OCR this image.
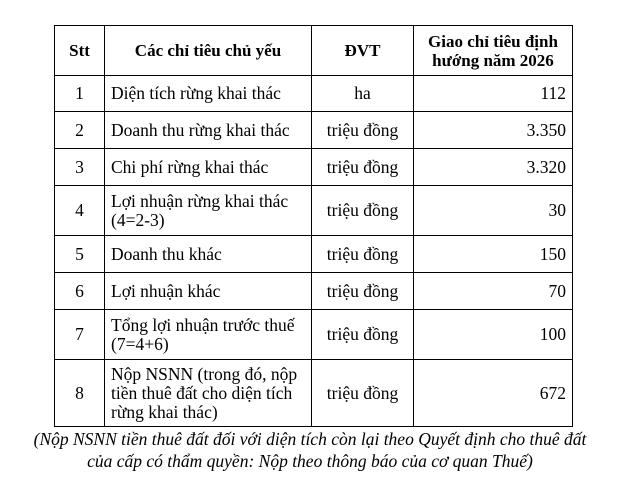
Stt	Các chỉ tiêu chủ yếu	ĐVT	Giao chỉ tiêu định hướng năm 2026
1	Diện tích rừng khai thác	ha	112
2	Doanh thu rừng khai thác	triệu đồng	3.350
3	Chi phí rừng khai thác	triệu đồng	3.320
4	Lợi nhuận rừng khai thác (4=2-3)	triệu đồng	30
5	Doanh thu khác	triệu đồng	150
6	Lợi nhuận khác	triệu đồng	70
7	Tổng lợi nhuận trước thuế (7=4+6)	triệu đồng	100
8	Nộp NSNN (trong đó, nộp tiền thuê đất cho diện tích rừng khai thác)	triệu đồng	672
(Nộp NSNN tiền thuê đất đối với diện tích còn lại theo Quyết định cho thuê đất
của cấp có thẩm quyền: Nộp theo thông báo của cơ quan Thuế)
